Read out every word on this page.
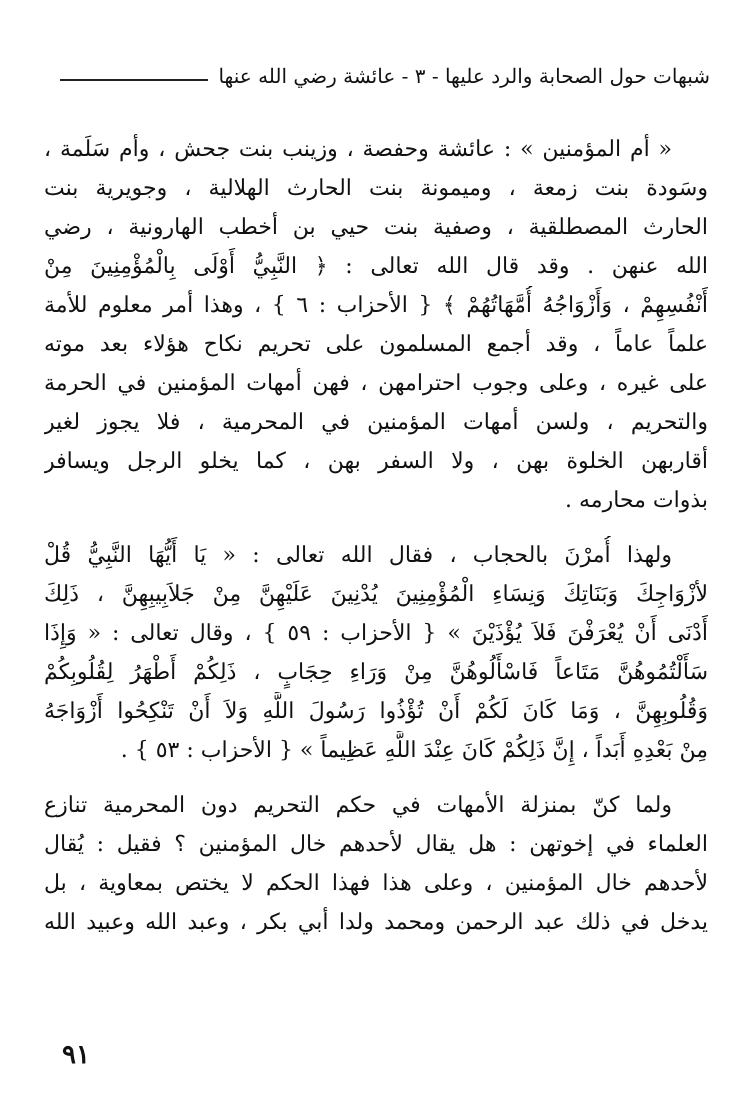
شبهات حول الصحابة والرد عليها - ٣ - عائشة رضي الله عنها
« أم المؤمنين » : عائشة وحفصة ، وزينب بنت جحش ، وأم سَلَمة ،
وسَودة بنت زمعة ، وميمونة بنت الحارث الهلالية ، وجويرية بنت
الحارث المصطلقية ، وصفية بنت حيي بن أخطب الهارونية ، رضي
الله عنهن . وقد قال الله تعالى : ﴿ النَّبِيُّ أَوْلَى بِالْمُؤْمِنِينَ مِنْ
أَنْفُسِهِمْ ، وَأَزْوَاجُهُ أُمَّهَاتُهُمْ ﴾ { الأحزاب : ٦ } ، وهذا أمر معلوم للأمة
علماً عاماً ، وقد أجمع المسلمون على تحريم نكاح هؤلاء بعد موته
على غيره ، وعلى وجوب احترامهن ، فهن أمهات المؤمنين في الحرمة
والتحريم ، ولسن أمهات المؤمنين في المحرمية ، فلا يجوز لغير
أقاربهن الخلوة بهن ، ولا السفر بهن ، كما يخلو الرجل ويسافر
بذوات محارمه .
ولهذا أُمرْنَ بالحجاب ، فقال الله تعالى : « يَا أَيُّهَا النَّبِيُّ قُلْ
لأزْوَاجِكَ وَبَنَاتِكَ وَنِسَاءِ الْمُؤْمِنِينَ يُدْنِينَ عَلَيْهِنَّ مِنْ جَلاَبِيبِهِنَّ ، ذَلِكَ
أَدْنَى أَنْ يُعْرَفْنَ فَلاَ يُؤْذَيْنَ » { الأحزاب : ٥٩ } ، وقال تعالى : « وَإِذَا
سَأَلْتُمُوهُنَّ مَتَاعاً فَاسْأَلُوهُنَّ مِنْ وَرَاءِ حِجَابٍ ، ذَلِكُمْ أَطْهَرُ لِقُلُوبِكُمْ
وَقُلُوبِهِنَّ ، وَمَا كَانَ لَكُمْ أَنْ تُؤْذُوا رَسُولَ اللَّهِ وَلاَ أَنْ تَنْكِحُوا أَزْوَاجَهُ
مِنْ بَعْدِهِ أَبَداً ، إِنَّ ذَلِكُمْ كَانَ عِنْدَ اللَّهِ عَظِيماً » { الأحزاب : ٥٣ } .
ولما كنّ بمنزلة الأمهات في حكم التحريم دون المحرمية تنازع
العلماء في إخوتهن : هل يقال لأحدهم خال المؤمنين ؟ فقيل : يُقال
لأحدهم خال المؤمنين ، وعلى هذا فهذا الحكم لا يختص بمعاوية ، بل
يدخل في ذلك عبد الرحمن ومحمد ولدا أبي بكر ، وعبد الله وعبيد الله
٩١
